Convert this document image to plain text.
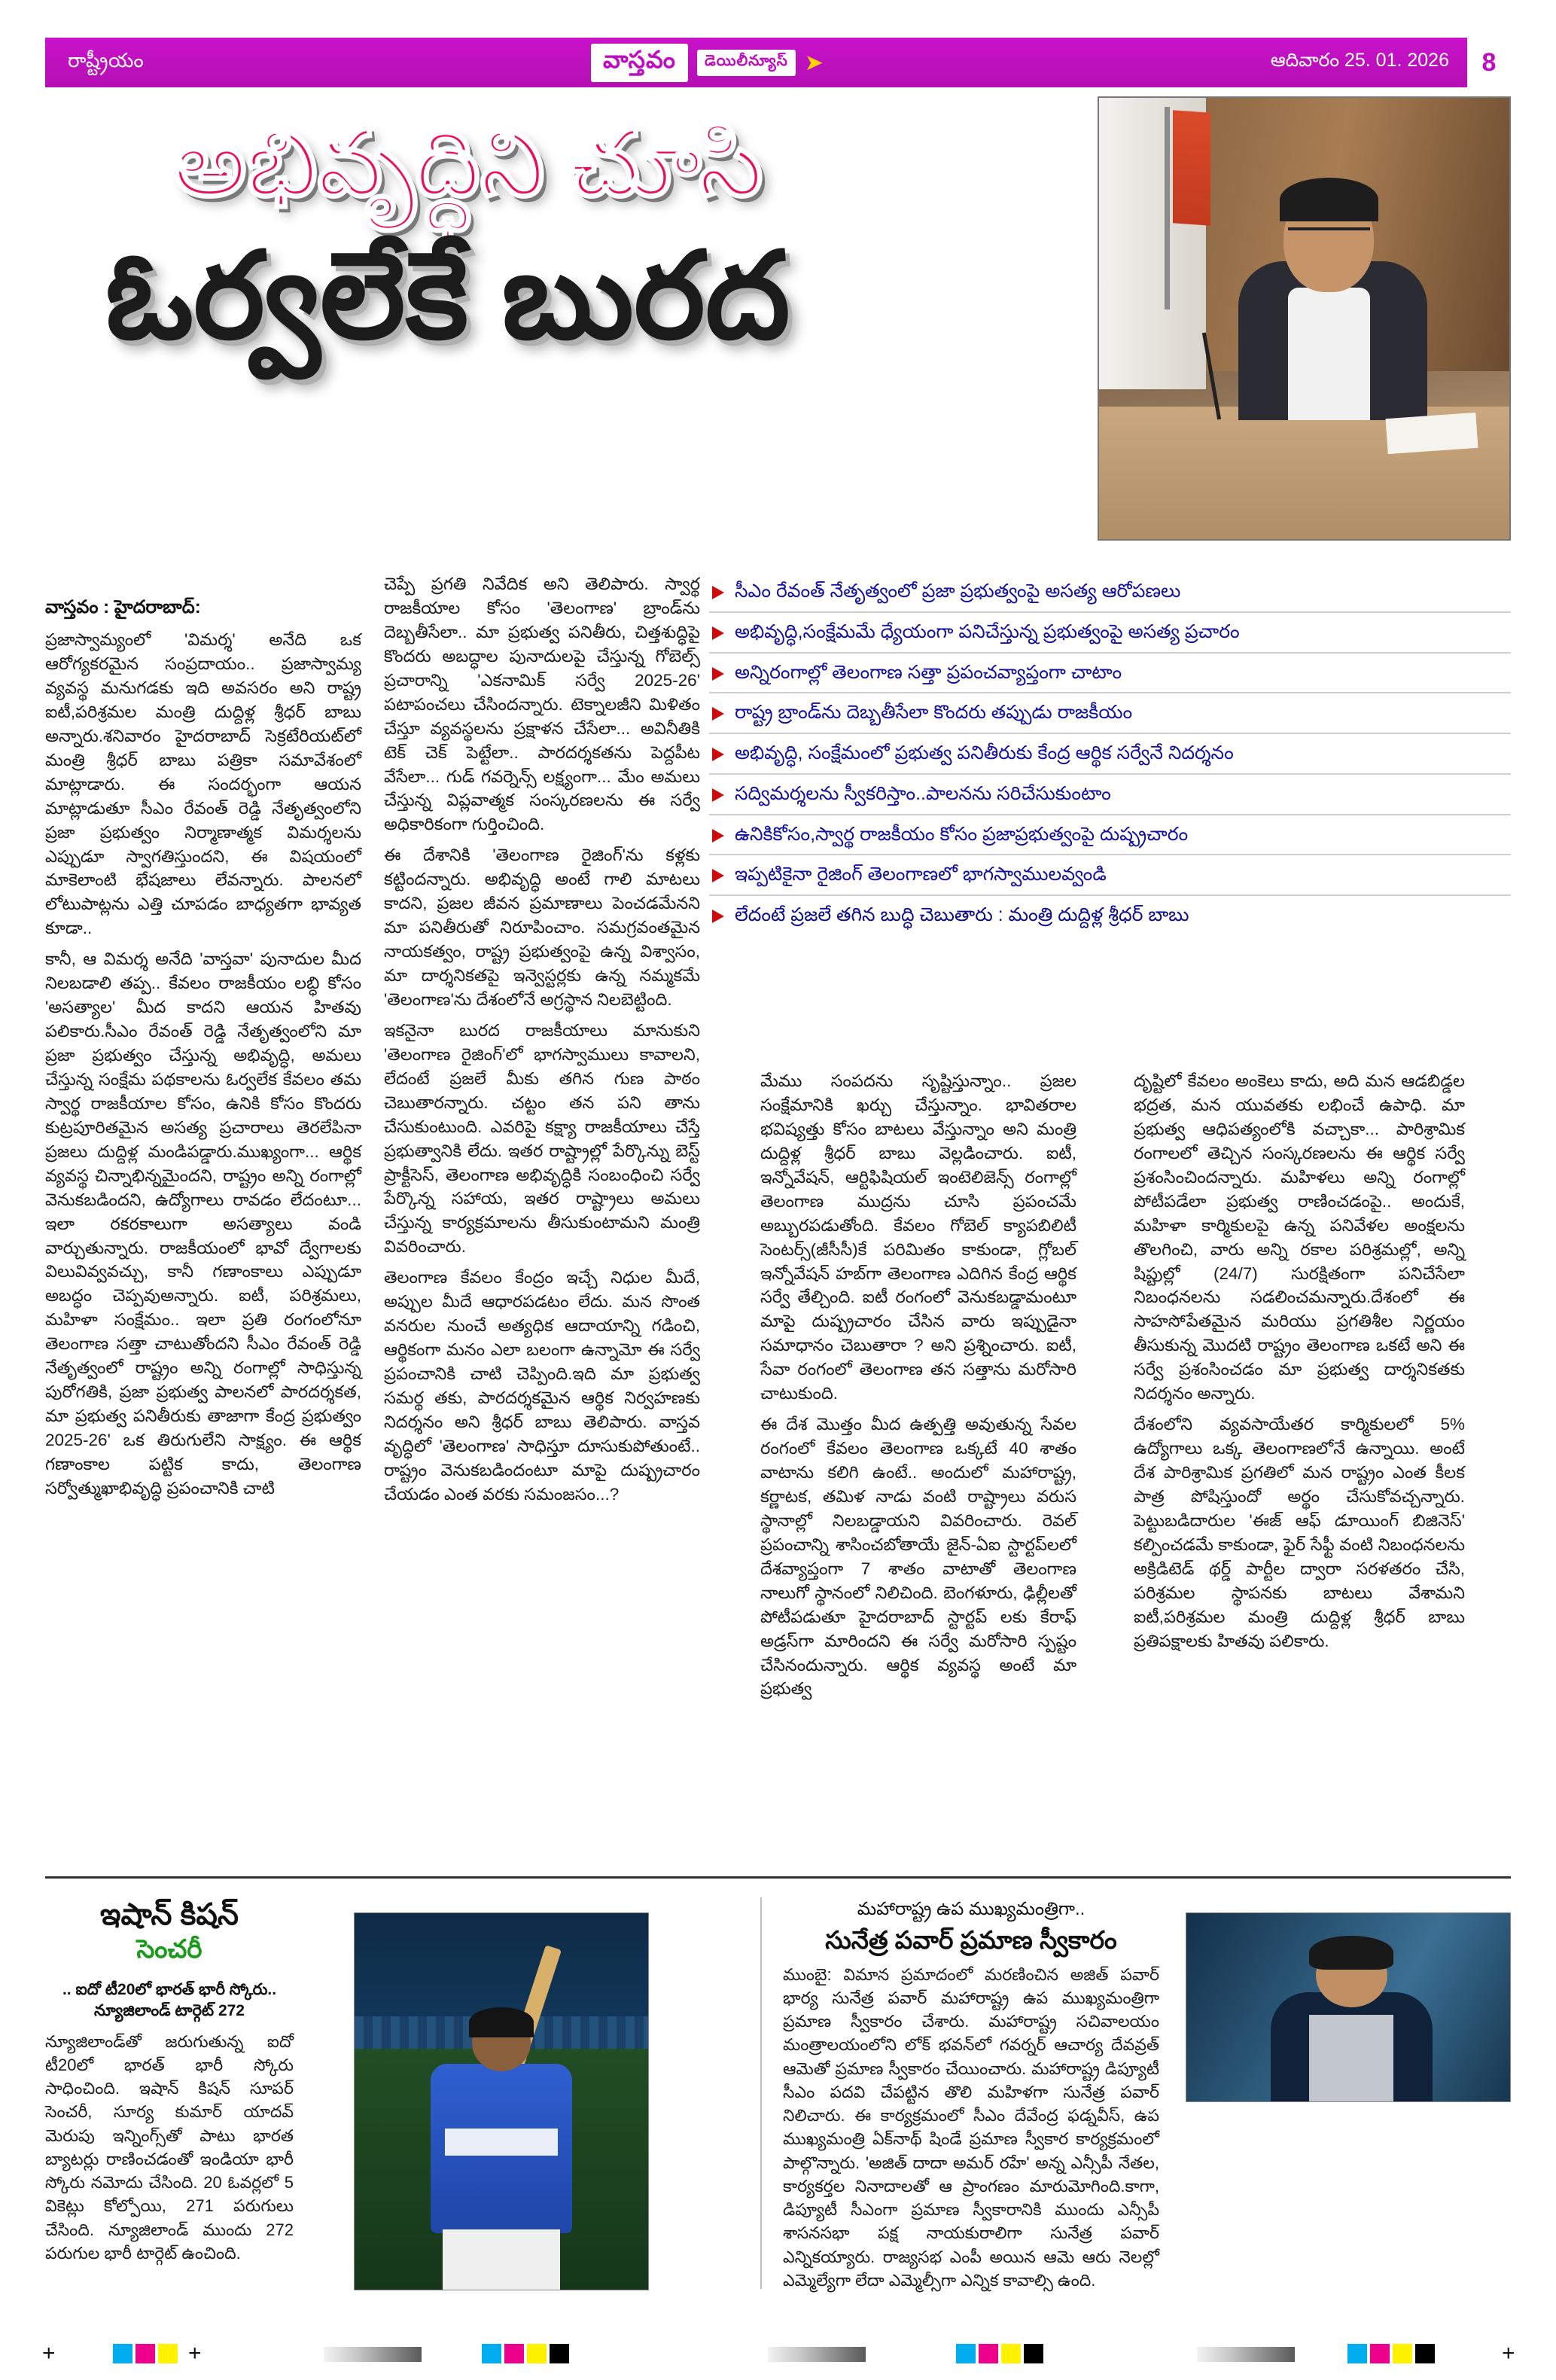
రాష్ట్రీయం	వాస్తవం	డెయిలీన్యూస్ ➤	ఆదివారం 25. 01. 2026	8
అభివృద్ధిని చూసి
ఓర్వలేకే బురద
సీఎం రేవంత్ నేతృత్వంలో ప్రజా ప్రభుత్వంపై అసత్య ఆరోపణలు
అభివృద్ధి,సంక్షేమమే ధ్యేయంగా పనిచేస్తున్న ప్రభుత్వంపై అసత్య ప్రచారం
అన్నిరంగాల్లో తెలంగాణ సత్తా ప్రపంచవ్యాప్తంగా చాటాం
రాష్ట్ర బ్రాండ్‌ను దెబ్బతీసేలా కొందరు తప్పుడు రాజకీయం
అభివృద్ధి, సంక్షేమంలో ప్రభుత్వ పనితీరుకు కేంద్ర ఆర్థిక సర్వేనే నిదర్శనం
సద్విమర్శలను స్వీకరిస్తాం..పాలనను సరిచేసుకుంటాం
ఉనికికోసం,స్వార్థ రాజకీయం కోసం ప్రజాప్రభుత్వంపై దుష్ప్రచారం
ఇప్పటికైనా రైజింగ్ తెలంగాణలో భాగస్వాములవ్వండి
లేదంటే ప్రజలే తగిన బుద్ధి చెబుతారు : మంత్రి దుద్దిళ్ల శ్రీధర్ బాబు
వాస్తవం : హైదరాబాద్:

ప్రజాస్వామ్యంలో 'విమర్శ' అనేది ఒక ఆరోగ్యకరమైన సంప్రదాయం.. ప్రజాస్వామ్య వ్యవస్థ మనుగడకు ఇది అవసరం అని రాష్ట్ర ఐటీ,పరిశ్రమల మంత్రి దుద్దిళ్ల శ్రీధర్ బాబు అన్నారు.శనివారం హైదరాబాద్ సెక్రటేరియట్‌లో మంత్రి శ్రీధర్ బాబు పత్రికా సమావేశంలో మాట్లాడారు. ఈ సందర్భంగా ఆయన మాట్లాడుతూ సీఎం రేవంత్ రెడ్డి నేతృత్వంలోని ప్రజా ప్రభుత్వం నిర్మాణాత్మక విమర్శలను ఎప్పుడూ స్వాగతిస్తుందని, ఈ విషయంలో మాకెలాంటి భేషజాలు లేవన్నారు. పాలనలో లోటుపాట్లను ఎత్తి చూపడం బాధ్యతగా భావ్యత కూడా..

కానీ, ఆ విమర్శ అనేది 'వాస్తవా' పునాదుల మీద నిలబడాలి తప్ప.. కేవలం రాజకీయం లబ్ధి కోసం 'అసత్యాల' మీద కాదని ఆయన హితవు పలికారు.సీఎం రేవంత్ రెడ్డి నేతృత్వంలోని మా ప్రజా ప్రభుత్వం చేస్తున్న అభివృద్ధి, అమలు చేస్తున్న సంక్షేమ పథకాలను ఓర్వలేక కేవలం తమ స్వార్థ రాజకీయాల కోసం, ఉనికి కోసం కొందరు కుట్రపూరితమైన అసత్య ప్రచారాలు తెరలేపినా ప్రజలు దుద్దిళ్ల మండిపడ్డారు.ముఖ్యంగా... ఆర్థిక వ్యవస్థ చిన్నాభిన్నమైందని, రాష్ట్రం అన్ని రంగాల్లో వెనుకబడిందని, ఉద్యోగాలు రావడం లేదంటూ... ఇలా రకరకాలుగా అసత్యాలు వండి వార్చుతున్నారు. రాజకీయంలో భావో ద్వేగాలకు విలువివ్వవచ్చు, కానీ గణాంకాలు ఎప్పుడూ అబద్ధం చెప్పవుఅన్నారు. ఐటీ, పరిశ్రమలు, మహిళా సంక్షేమం.. ఇలా ప్రతి రంగంలోనూ తెలంగాణ సత్తా చాటుతోందని సీఎం రేవంత్ రెడ్డి నేతృత్వంలో రాష్ట్రం అన్ని రంగాల్లో సాధిస్తున్న పురోగతికి, ప్రజా ప్రభుత్వ పాలనలో పారదర్శకత, మా ప్రభుత్వ పనితీరుకు తాజాగా కేంద్ర ప్రభుత్వం 2025-26' ఒక తిరుగులేని సాక్ష్యం. ఈ ఆర్థిక గణాంకాల పట్టిక కాదు, తెలంగాణ సర్వోత్ముఖాభివృద్ధి ప్రపంచానికి చాటి

చెప్పే ప్రగతి నివేదిక అని తెలిపారు. స్వార్థ రాజకీయాల కోసం 'తెలంగాణ' బ్రాండ్‌ను దెబ్బతీసేలా.. మా ప్రభుత్వ పనితీరు, చిత్తశుద్ధిపై కొందరు అబద్ధాల పునాదులపై చేస్తున్న గోబెల్స్ ప్రచారాన్ని 'ఎకనామిక్ సర్వే 2025-26' పటాపంచలు చేసిందన్నారు. టెక్నాలజీని మిళితం చేస్తూ వ్యవస్థలను ప్రక్షాళన చేసేలా... అవినీతికి టెక్ చెక్ పెట్టేలా.. పారదర్శకతను పెద్దపీట వేసేలా... గుడ్ గవర్నెన్స్ లక్ష్యంగా... మేం అమలు చేస్తున్న విప్లవాత్మక సంస్కరణలను ఈ సర్వే అధికారికంగా గుర్తించింది.

ఈ దేశానికి 'తెలంగాణ రైజింగ్'ను కళ్లకు కట్టిందన్నారు. అభివృద్ధి అంటే గాలి మాటలు కాదని, ప్రజల జీవన ప్రమాణాలు పెంచడమేనని మా పనితీరుతో నిరూపించాం. సమగ్రవంతమైన నాయకత్వం, రాష్ట్ర ప్రభుత్వంపై ఉన్న విశ్వాసం, మా దార్శనికతపై ఇన్వెస్టర్లకు ఉన్న నమ్మకమే 'తెలంగాణ'ను దేశంలోనే అగ్రస్థాన నిలబెట్టింది.

ఇకనైనా బురద రాజకీయాలు మానుకుని 'తెలంగాణ రైజింగ్'లో భాగస్వాములు కావాలని, లేదంటే ప్రజలే మీకు తగిన గుణ పాఠం చెబుతారన్నారు. చట్టం తన పని తాను చేసుకుంటుంది. ఎవరిపై కక్ష్యా రాజకీయాలు చేస్తే ప్రభుత్వానికి లేదు. ఇతర రాష్ట్రాల్లో పేర్కొన్ను బెస్ట్ ప్రాక్టీసెస్, తెలంగాణ అభివృద్ధికి సంబంధించి సర్వే పేర్కొన్న సహాయ, ఇతర రాష్ట్రాలు అమలు చేస్తున్న కార్యక్రమాలను తీసుకుంటామని మంత్రి వివరించారు.

తెలంగాణ కేవలం కేంద్రం ఇచ్చే నిధుల మీదే, అప్పుల మీదే ఆధారపడటం లేదు. మన సొంత వనరుల నుంచే అత్యధిక ఆదాయాన్ని గడించి, ఆర్థికంగా మనం ఎలా బలంగా ఉన్నామో ఈ సర్వే ప్రపంచానికి చాటి చెప్పింది.ఇది మా ప్రభుత్వ సమర్థ తకు, పారదర్శకమైన ఆర్థిక నిర్వహణకు నిదర్శనం అని శ్రీధర్ బాబు తెలిపారు. వాస్తవ వృద్ధిలో 'తెలంగాణ' సాధిస్తూ దూసుకుపోతుంటే.. రాష్ట్రం వెనుకబడిందంటూ మాపై దుష్ప్రచారం చేయడం ఎంత వరకు సమంజసం...?

మేము సంపదను సృష్టిస్తున్నాం.. ప్రజల సంక్షేమానికి ఖర్చు చేస్తున్నాం. భావితరాల భవిష్యత్తు కోసం బాటలు వేస్తున్నాం అని మంత్రి దుద్దిళ్ల శ్రీధర్ బాబు వెల్లడించారు. ఐటీ, ఇన్నోవేషన్, ఆర్టిఫిషియల్ ఇంటెలిజెన్స్ రంగాల్లో తెలంగాణ ముద్రను చూసి ప్రపంచమే అబ్బురపడుతోంది. కేవలం గోబెల్ క్యాపబిలిటీ సెంటర్స్(జీసీసీ)కే పరిమితం కాకుండా, గ్లోబల్ ఇన్నోవేషన్ హబ్‌గా తెలంగాణ ఎదిగిన కేంద్ర ఆర్థిక సర్వే తేల్చింది. ఐటీ రంగంలో వెనుకబడ్డామంటూ మాపై దుష్ప్రచారం చేసిన వారు ఇప్పుడైనా సమాధానం చెబుతారా ? అని ప్రశ్నించారు. ఐటీ, సేవా రంగంలో తెలంగాణ తన సత్తాను మరోసారి చాటుకుంది.

ఈ దేశ మొత్తం మీద ఉత్పత్తి అవుతున్న సేవల రంగంలో కేవలం తెలంగాణ ఒక్కటే 40 శాతం వాటాను కలిగి ఉంటే.. అందులో మహారాష్ట్ర, కర్ణాటక, తమిళ నాడు వంటి రాష్ట్రాలు వరుస స్థానాల్లో నిలబడ్డాయని వివరించారు. రెవల్ ప్రపంచాన్ని శాసించబోతాయే జైన్-ఏఐ స్టార్టప్‌లలో దేశవ్యాప్తంగా 7 శాతం వాటాతో తెలంగాణ నాలుగో స్థానంలో నిలిచింది. బెంగళూరు, ఢిల్లీలతో పోటీపడుతూ హైదరాబాద్ స్టార్టప్ లకు కేరాఫ్ అడ్రస్‌గా మారిందని ఈ సర్వే మరోసారి స్పష్టం చేసినందున్నారు. ఆర్థిక వ్యవస్థ అంటే మా ప్రభుత్వ

దృష్టిలో కేవలం అంకెలు కాదు, అది మన ఆడబిడ్డల భద్రత, మన యువతకు లభించే ఉపాధి. మా ప్రభుత్వ ఆధిపత్యంలోకి వచ్చాకా... పారిశ్రామిక రంగాలలో తెచ్చిన సంస్కరణలను ఈ ఆర్థిక సర్వే ప్రశంసించిందన్నారు. మహిళలు అన్ని రంగాల్లో పోటీపడేలా ప్రభుత్వ రాణించడంపై.. అందుకే, మహిళా కార్మికులపై ఉన్న పనివేళల అంక్షలను తొలగించి, వారు అన్ని రకాల పరిశ్రమల్లో, అన్ని షిప్టుల్లో (24/7) సురక్షితంగా పనిచేసేలా నిబంధనలను సడలించమన్నారు.దేశంలో ఈ సాహసోపేతమైన మరియు ప్రగతిశీల నిర్ణయం తీసుకున్న మొదటి రాష్ట్రం తెలంగాణ ఒకటే అని ఈ సర్వే ప్రశంసించడం మా ప్రభుత్వ దార్శనికతకు నిదర్శనం అన్నారు.

దేశంలోని వ్యవసాయేతర కార్మికులలో 5% ఉద్యోగాలు ఒక్క తెలంగాణలోనే ఉన్నాయి. అంటే దేశ పారిశ్రామిక ప్రగతిలో మన రాష్ట్రం ఎంత కీలక పాత్ర పోషిస్తుందో అర్థం చేసుకోవచ్చన్నారు. పెట్టుబడిదారుల 'ఈజ్ ఆఫ్ డూయింగ్ బిజినెస్' కల్పించడమే కాకుండా, ఫైర్ సేఫ్టీ వంటి నిబంధనలను అక్రిడిటెడ్ థర్డ్ పార్టీల ద్వారా సరళతరం చేసి, పరిశ్రమల స్థాపనకు బాటలు వేశామని ఐటీ,పరిశ్రమల మంత్రి దుద్దిళ్ల శ్రీధర్ బాబు ప్రతిపక్షాలకు హితవు పలికారు.

ఇషాన్ కిషన్
సెంచరీ
.. ఐదో టీ20లో భారత్ భారీ స్కోరు.. న్యూజిలాండ్ టార్గెట్ 272
న్యూజిలాండ్‌తో జరుగుతున్న ఐదో టీ20లో భారత్ భారీ స్కోరు సాధించింది. ఇషాన్ కిషన్ సూపర్ సెంచరీ, సూర్య కుమార్ యాదవ్ మెరుపు ఇన్నింగ్స్‌తో పాటు భారత బ్యాటర్లు రాణించడంతో ఇండియా భారీ స్కోరు నమోదు చేసింది. 20 ఓవర్లలో 5 వికెట్లు కోల్పోయి, 271 పరుగులు చేసింది. న్యూజిలాండ్ ముందు 272 పరుగుల భారీ టార్గెట్ ఉంచింది.
మహారాష్ట్ర ఉప ముఖ్యమంత్రిగా..
సునేత్ర పవార్ ప్రమాణ స్వీకారం
ముంబై: విమాన ప్రమాదంలో మరణించిన అజిత్ పవార్ భార్య సునేత్ర పవార్ మహారాష్ట్ర ఉప ముఖ్యమంత్రిగా ప్రమాణ స్వీకారం చేశారు. మహారాష్ట్ర సచివాలయం మంత్రాలయంలోని లోక్ భవన్‌లో గవర్నర్ ఆచార్య దేవవ్రత్ ఆమెతో ప్రమాణ స్వీకారం చేయించారు. మహారాష్ట్ర డిప్యూటీ సీఎం పదవి చేపట్టిన తొలి మహిళగా సునేత్ర పవార్ నిలిచారు. ఈ కార్యక్రమంలో సీఎం దేవేంద్ర ఫడ్నవీస్, ఉప ముఖ్యమంత్రి ఏక్‌నాథ్ షిండే ప్రమాణ స్వీకార కార్యక్రమంలో పాల్గొన్నారు. 'అజిత్ దాదా అమర్ రహే' అన్న ఎన్సీపీ నేతల, కార్యకర్తల నినాదాలతో ఆ ప్రాంగణం మారుమోగింది.కాగా, డిప్యూటీ సీఎంగా ప్రమాణ స్వీకారానికి ముందు ఎన్సీపీ శాసనసభా పక్ష నాయకురాలిగా సునేత్ర పవార్ ఎన్నికయ్యారు. రాజ్యసభ ఎంపీ అయిన ఆమె ఆరు నెలల్లో ఎమ్మెల్యేగా లేదా ఎమ్మెల్సీగా ఎన్నిక కావాల్సి ఉంది.
+	+	+
